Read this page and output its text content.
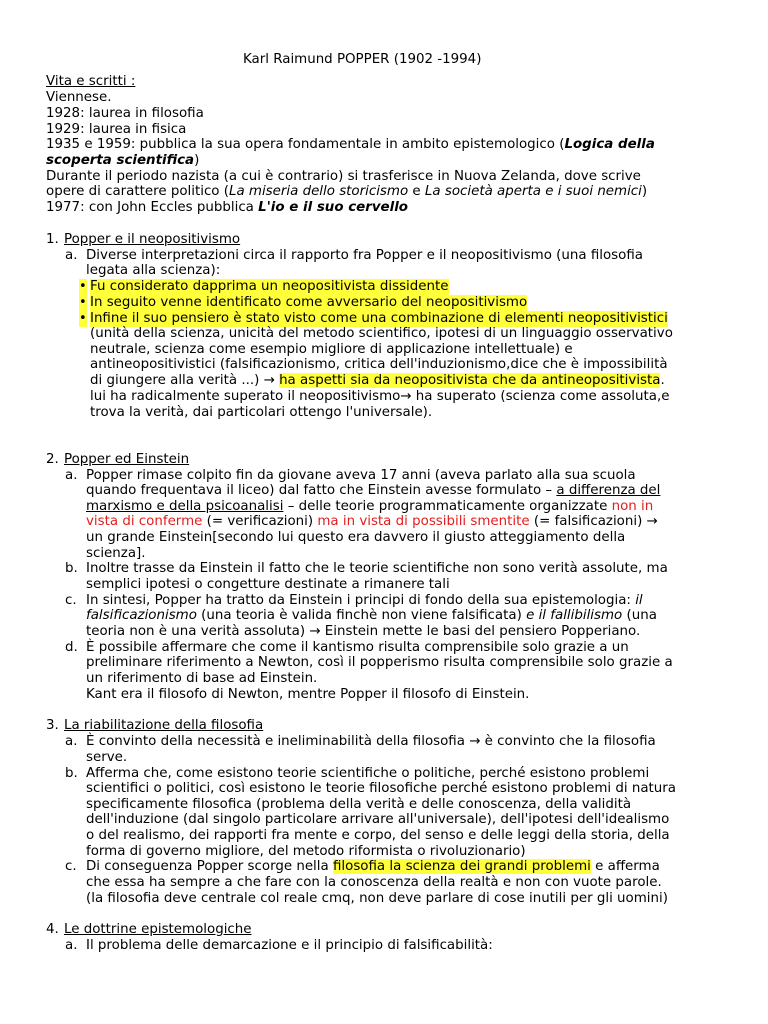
Karl Raimund POPPER (1902 -1994)
Vita e scritti :
Viennese.
1928: laurea in filosofia
1929: laurea in fisica
1935 e 1959: pubblica la sua opera fondamentale in ambito epistemologico (Logica della
scoperta scientifica)
Durante il periodo nazista (a cui è contrario) si trasferisce in Nuova Zelanda, dove scrive
opere di carattere politico (La miseria dello storicismo e La società aperta e i suoi nemici)
1977: con John Eccles pubblica L'io e il suo cervello
1. Popper e il neopositivismo
a. Diverse interpretazioni circa il rapporto fra Popper e il neopositivismo (una filosofia
legata alla scienza):
• Fu considerato dapprima un neopositivista dissidente
• In seguito venne identificato come avversario del neopositivismo
• Infine il suo pensiero è stato visto come una combinazione di elementi neopositivistici
(unità della scienza, unicità del metodo scientifico, ipotesi di un linguaggio osservativo
neutrale, scienza come esempio migliore di applicazione intellettuale) e
antineopositivistici (falsificazionismo, critica dell'induzionismo,dice che è impossibilità
di giungere alla verità ...) → ha aspetti sia da neopositivista che da antineopositivista.
lui ha radicalmente superato il neopositivismo→ ha superato (scienza come assoluta,e
trova la verità, dai particolari ottengo l'universale).
2. Popper ed Einstein
a. Popper rimase colpito fin da giovane aveva 17 anni (aveva parlato alla sua scuola
quando frequentava il liceo) dal fatto che Einstein avesse formulato – a differenza del
marxismo e della psicoanalisi – delle teorie programmaticamente organizzate non in
vista di conferme (= verificazioni) ma in vista di possibili smentite (= falsificazioni) →
un grande Einstein[secondo lui questo era davvero il giusto atteggiamento della
scienza].
b. Inoltre trasse da Einstein il fatto che le teorie scientifiche non sono verità assolute, ma
semplici ipotesi o congetture destinate a rimanere tali
c. In sintesi, Popper ha tratto da Einstein i principi di fondo della sua epistemologia: il
falsificazionismo (una teoria è valida finchè non viene falsificata) e il fallibilismo (una
teoria non è una verità assoluta) → Einstein mette le basi del pensiero Popperiano.
d. È possibile affermare che come il kantismo risulta comprensibile solo grazie a un
preliminare riferimento a Newton, così il popperismo risulta comprensibile solo grazie a
un riferimento di base ad Einstein.
Kant era il filosofo di Newton, mentre Popper il filosofo di Einstein.
3. La riabilitazione della filosofia
a. È convinto della necessità e ineliminabilità della filosofia → è convinto che la filosofia
serve.
b. Afferma che, come esistono teorie scientifiche o politiche, perché esistono problemi
scientifici o politici, così esistono le teorie filosofiche perché esistono problemi di natura
specificamente filosofica (problema della verità e delle conoscenza, della validità
dell'induzione (dal singolo particolare arrivare all'universale), dell'ipotesi dell'idealismo
o del realismo, dei rapporti fra mente e corpo, del senso e delle leggi della storia, della
forma di governo migliore, del metodo riformista o rivoluzionario)
c. Di conseguenza Popper scorge nella filosofia la scienza dei grandi problemi e afferma
che essa ha sempre a che fare con la conoscenza della realtà e non con vuote parole.
(la filosofia deve centrale col reale cmq, non deve parlare di cose inutili per gli uomini)
4. Le dottrine epistemologiche
a. Il problema delle demarcazione e il principio di falsificabilità:
